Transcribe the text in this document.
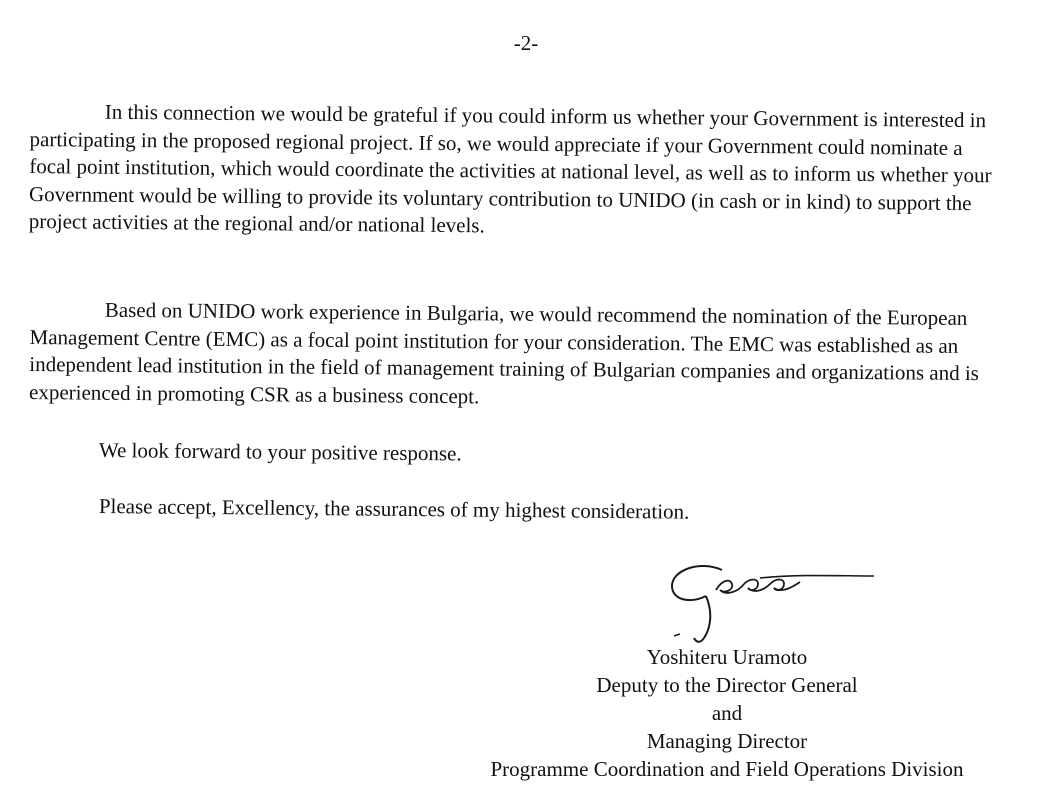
-2-
In this connection we would be grateful if you could inform us whether your Government is interested in participating in the proposed regional project. If so, we would appreciate if your Government could nominate a focal point institution, which would coordinate the activities at national level, as well as to inform us whether your Government would be willing to provide its voluntary contribution to UNIDO (in cash or in kind) to support the project activities at the regional and/or national levels.
Based on UNIDO work experience in Bulgaria, we would recommend the nomination of the European Management Centre (EMC) as a focal point institution for your consideration. The EMC was established as an independent lead institution in the field of management training of Bulgarian companies and organizations and is experienced in promoting CSR as a business concept.
We look forward to your positive response.
Please accept, Excellency, the assurances of my highest consideration.
Yoshiteru Uramoto
Deputy to the Director General
and
Managing Director
Programme Coordination and Field Operations Division
